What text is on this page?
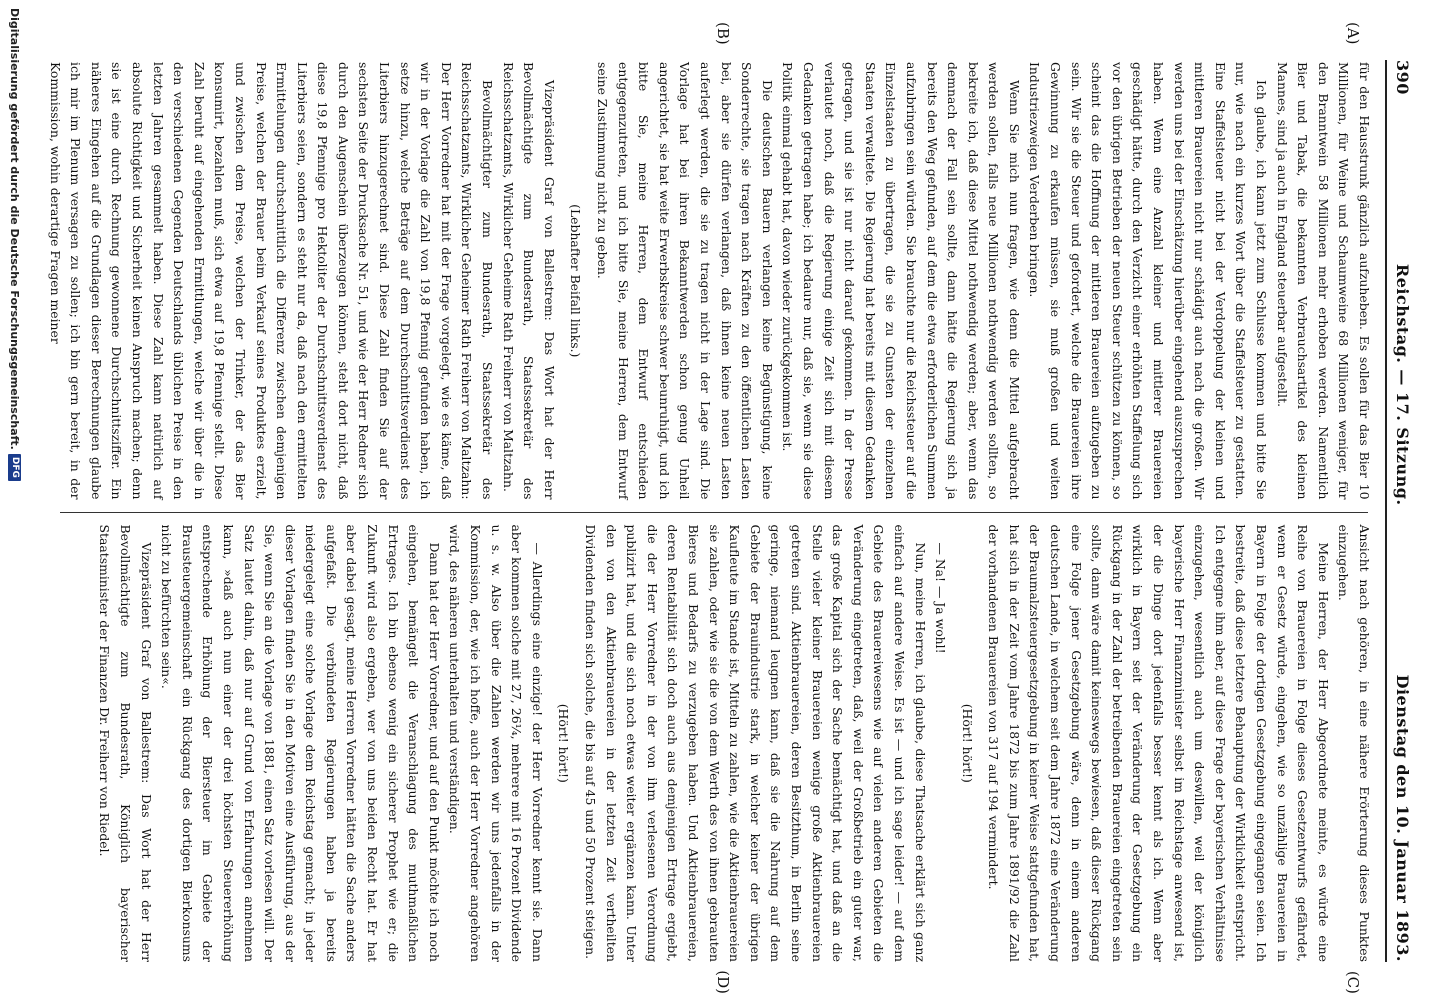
390
Reichstag. — 17. Sitzung.
Dienstag den 10. Januar 1893.
(A)
(B)
(C)
(D)

für den Hausstrunk gänzlich aufzuheben. Es sollen für das Bier 10 Millionen, für Weine und Schaumweine 68 Millionen weniger, für den Branntwein 58 Millionen mehr erhoben werden. Namentlich Bier und Tabak, die bekannten Verbrauchsartikel des kleinen Mannes, sind ja auch in England steuerbar aufgestellt.

Ich glaube, ich kann jetzt zum Schlusse kommen und bitte Sie nur, wie nach ein kurzes Wort über die Staffelsteuer zu gestatten. Eine Staffelsteuer nicht bei der Verdoppelung der kleinen und mittleren Brauereien nicht nur schädigt auch nach die großen. Wir werden uns bei der Einschätzung hierüber eingehend auszusprechen haben. Wenn eine Anzahl kleiner und mittlerer Brauereien geschädigt hätte, durch den Verzicht einer erhöhten Staffelung sich vor den übrigen Betrieben der neuen Steuer schützen zu können, so scheint das die Hoffnung der mittleren Brauereien aufzugeben zu sein. Wir sie die Steuer und gefordert, welche die Brauereien ihre Gewinnung zu erkaufen müssen, sie muß großen und weiten Industriezweigen Verderben bringen.

Wenn Sie mich nun fragen, wie denn die Mittel aufgebracht werden sollen, falls neue Millionen nothwendig werden sollten, so bekreite ich, daß diese Mittel nothwendig werden; aber, wenn das demnach der Fall sein sollte, dann hätte die Regierung sich ja bereits den Weg gefunden, auf dem die etwa erforderlichen Summen aufzubringen sein würden. Sie brauchte nur die Reichssteuer auf die Einzelstaaten zu übertragen, die sie zu Gunsten der einzelnen Staaten verwaltete. Die Regierung hat bereits mit diesem Gedanken getragen, und sie ist nur nicht darauf gekommen. In der Presse verlautet noch, daß die Regierung einige Zeit sich mit diesem Gedanken getragen habe; ich bedaure nur, daß sie, wenn sie diese Politik einmal gehabt hat, davon wieder zurückgekommen ist.

Die deutschen Bauern verlangen keine Begünstigung, keine Sonderrechte, sie tragen nach Kräften zu den öffentlichen Lasten bei, aber sie dürfen verlangen, daß ihnen keine neuen Lasten auferlegt werden, die sie zu tragen nicht in der Lage sind. Die Vorlage hat bei ihren Bekanntwerden schon genug Unheil angerichtet, sie hat weite Erwerbskreise schwer beunruhigt, und ich bitte Sie, meine Herren, dem Entwurf entschieden entgegenzutreten, und ich bitte Sie, meine Herren, dem Entwurf seine Zustimmung nicht zu geben.

(Lebhafter Beifall links.)

Vizepräsident Graf von Ballestrem: Das Wort hat der Herr Bevollmächtigte zum Bundesrath, Staatssekretär des Reichsschatzamts, Wirklicher Geheime Rath Freiherr von Maltzahn.

Bevollmächtigter zum Bundesrath, Staatssekretär des Reichsschatzamts, Wirklicher Geheimer Rath Freiherr von Maltzahn: Der Herr Vorredner hat mit der Frage vorgelegt, wie es käme, daß wir in der Vorlage die Zahl von 19,8 Pfennig gefunden haben, ich setze hinzu, welche Beträge auf dem Durchschnittsverdienst des Literbiers hinzugerechnet sind. Diese Zahl finden Sie auf der sechsten Seite der Drucksache Nr. 51, und wie der Herr Redner sich durch den Augenschein überzeugen können, steht dort nicht, daß diese 19,8 Pfennige pro Hektoliter der Durchschnittsverdienst des Literbiers seien, sondern es steht nur da, daß nach den ermittelten Ermittelungen durchschnittlich die Differenz zwischen demjenigen Preise, welchen der Brauer beim Verkauf seines Produktes erzielt, und zwischen dem Preise, welchen der Trinker, der das Bier konsumirt, bezahlen muß, sich etwa auf 19,8 Pfennige stellt. Diese Zahl beruht auf eingehenden Ermittlungen, welche wir über die in den verschiedenen Gegenden Deutschlands üblichen Preise in den letzten Jahren gesammelt haben. Diese Zahl kann natürlich auf absolute Richtigkeit und Sicherheit keinen Anspruch machen; denn sie ist eine durch Rechnung gewonnene Durchschnittsziffer. Ein näheres Eingehen auf die Grundlagen dieser Berechnungen glaube ich mir im Plenum versagen zu sollen; ich bin gern bereit, in der Kommission, wohin derartige Fragen meiner

Ansicht nach gehören, in eine nähere Erörterung dieses Punktes einzugehen.

Meine Herren, der Herr Abgeordnete meinte, es würde eine Reihe von Brauereien in Folge dieses Gesetzentwurfs gefährdet, wenn er Gesetz würde, eingehen, wie so unzählige Brauereien in Bayern in Folge der dortigen Gesetzgebung eingegangen seien. Ich bestreite, daß diese letztere Behauptung der Wirklichkeit entspricht. Ich entgegne ihm aber, auf diese Frage der bayerischen Verhältnisse einzugehen, wesentlich auch um deswillen, weil der königlich bayerische Herr Finanzminister selbst im Reichstage anwesend ist, der die Dinge dort jedenfalls besser kennt als ich. Wenn aber wirklich in Bayern seit der Veränderung der Gesetzgebung ein Rückgang in der Zahl der betreibenden Brauereien eingetreten sein sollte, dann wäre damit keineswegs bewiesen, daß dieser Rückgang eine Folge jener Gesetzgebung wäre, denn in einem anderen deutschen Lande, in welchem seit dem Jahre 1872 eine Veränderung der Braumalzsteuergesetzgebung in keiner Weise stattgefunden hat, hat sich in der Zeit vom Jahre 1872 bis zum Jahre 1891/92 die Zahl der vorhandenen Brauereien von 317 auf 194 vermindert.

(Hört! hört!)

— Na! — Ja wohl!

Nun, meine Herren, ich glaube, diese Thatsache erklärt sich ganz einfach auf andere Weise. Es ist — und ich sage leider! — auf dem Gebiete des Brauereiwesens wie auf vielen anderen Gebieten die Veränderung eingetreten, daß, weil der Großbetrieb ein guter war, das große Kapital sich der Sache bemächtigt hat, und daß an die Stelle vieler kleiner Brauereien wenige große Aktienbrauereien getreten sind. Aktienbrauereien, deren Besitzthum, in Berlin seine geringe, niemand leugnen kann, daß sie die Nahrung auf dem Gebiete der Brauindustrie stark, in welcher keiner der übrigen Kaufleute im Stande ist, Mitteln zu zahlen, wie die Aktienbrauereien sie zahlen, oder wie sie die von dem Werth des von ihnen gebrauten Bieres und Bedarfs zu verzugeben haben. Und Aktienbrauereien, deren Rentabilität sich doch auch aus demjenigen Ertrage ergiebt, die der Herr Vorredner in der von ihm verlesenen Verordnung publizirt hat, und die sich noch etwas weiter ergänzen kann. Unter den von den Aktienbrauereien in der letzten Zeit vertheilten Dividenden finden sich solche, die bis auf 45 und 50 Prozent steigen.

(Hört! hört!)

— Allerdings eine einzige! der Herr Vorredner kennt sie. Dann aber kommen solche mit 27, 26¼, mehrere mit 16 Prozent Dividende u. s. w. Also über die Zahlen werden wir uns jedenfalls in der Kommission, der, wie ich hoffe, auch der Herr Vorredner angehören wird, des näheren unterhalten und verständigen.

Dann hat der Herr Vorredner, und auf den Punkt möchte ich noch eingehen, bemängelt die Veranschlagung des muthmaßlichen Ertrages. Ich bin ebenso wenig ein sicherer Prophet wie er; die Zukunft wird also ergeben, wer von uns beiden Recht hat. Er hat aber dabei gesagt, meine Herren Vorredner hätten die Sache anders aufgefaßt. Die verbündeten Regierungen haben ja bereits niedergelegt eine solche Vorlage dem Reichstag gemacht; in jeder dieser Vorlagen finden Sie in den Motiven eine Ausführung, aus der Sie, wenn Sie an die Vorlage von 1881, einen Satz vorlesen will. Der Satz lautet dahin, daß nur auf Grund von Erfahrungen annehmen kann, »daß auch nun einer der drei höchsten Steuererhöhung entsprechende Erhöhung der Biersteuer im Gebiete der Brausteuergemeinschaft ein Rückgang des dortigen Bierkonsums nicht zu befürchten sein«.

Vizepräsident Graf von Ballestrem: Das Wort hat der Herr Bevollmächtigte zum Bundesrath, Königlich bayerischer Staatsminister der Finanzen Dr. Freiherr von Riedel.

Digitalisierung gefördert durch die Deutsche Forschungsgemeinschaft.
DFG
